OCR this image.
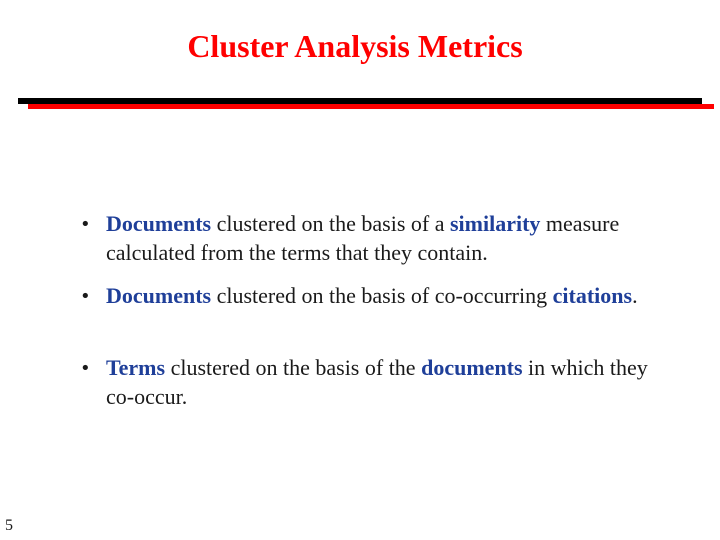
Cluster Analysis Metrics
• Documents clustered on the basis of a similarity measure calculated from the terms that they contain.
• Documents clustered on the basis of co-occurring citations.
• Terms clustered on the basis of the documents in which they co-occur.
5
